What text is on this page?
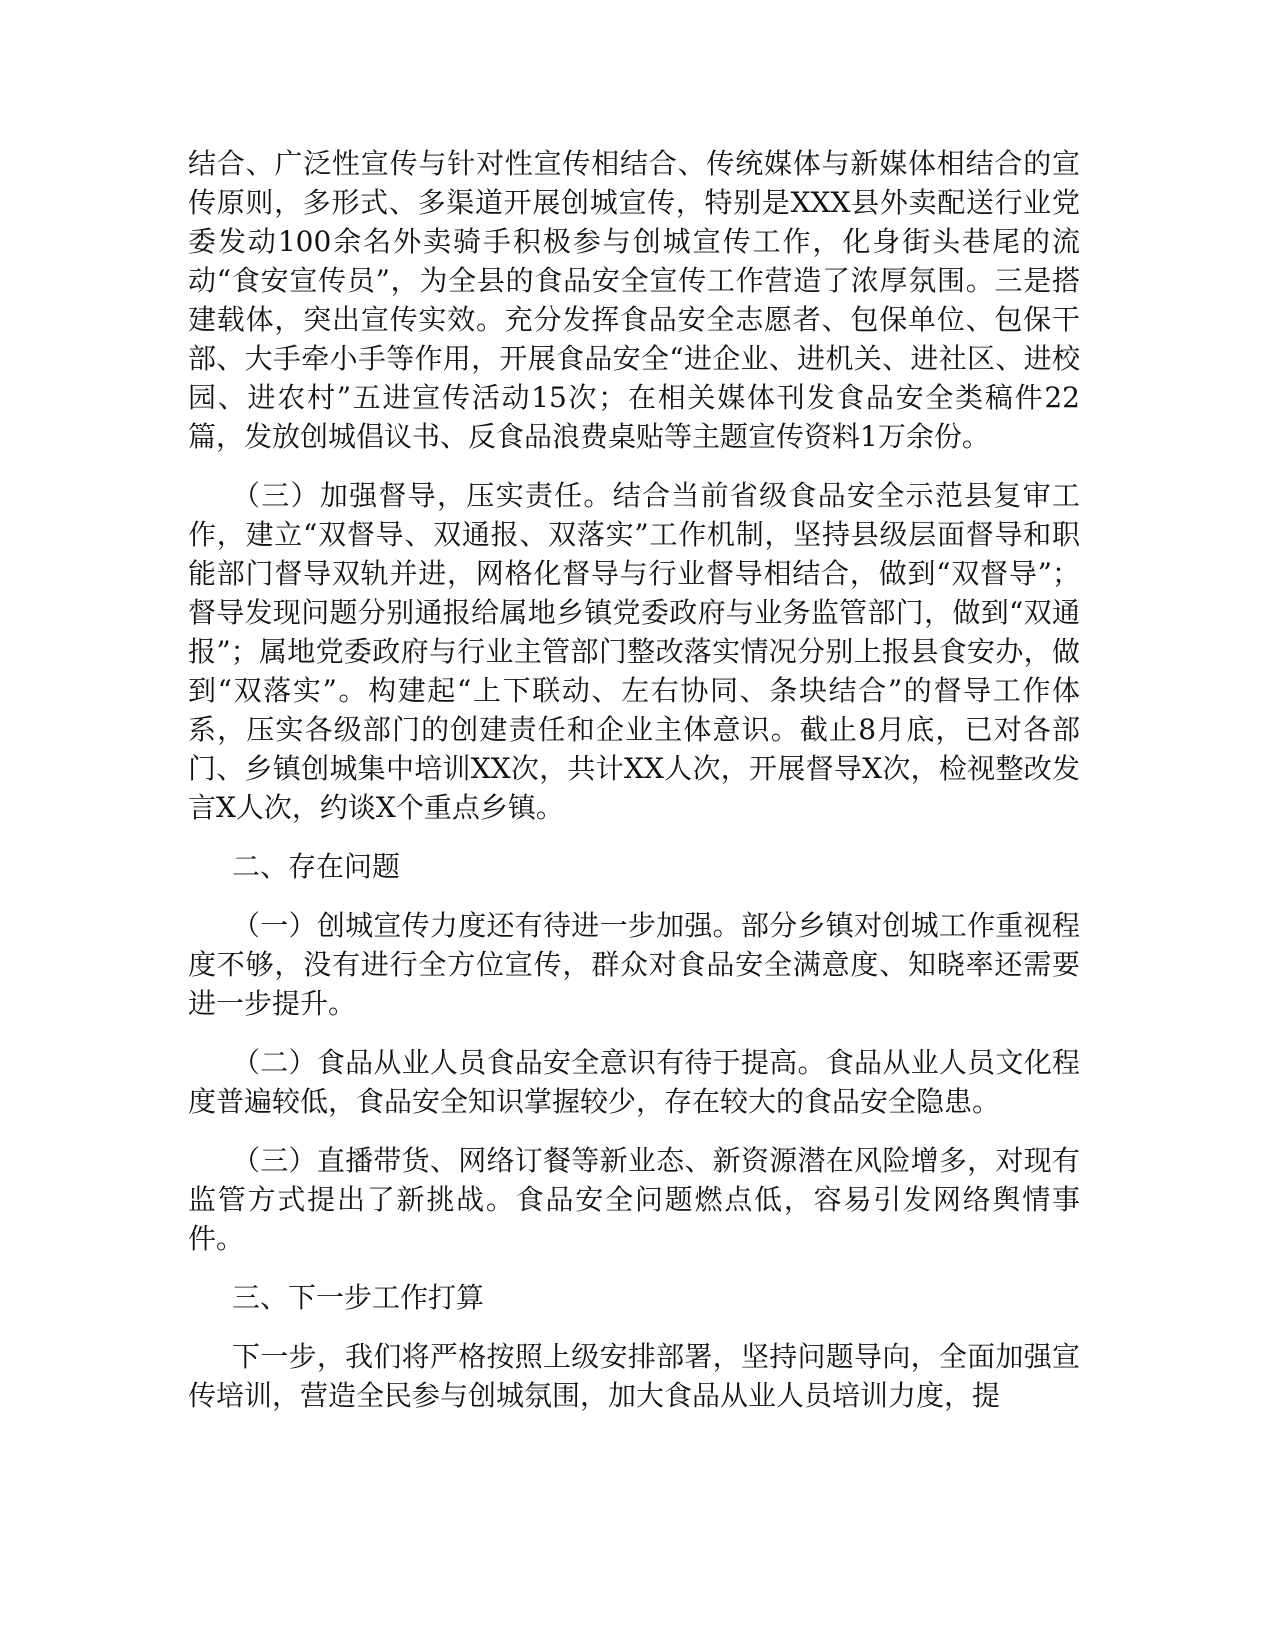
结合、广泛性宣传与针对性宣传相结合、传统媒体与新媒体相结合的宣传原则，多形式、多渠道开展创城宣传，特别是XXX县外卖配送行业党委发动100余名外卖骑手积极参与创城宣传工作，化身街头巷尾的流动“食安宣传员”，为全县的食品安全宣传工作营造了浓厚氛围。三是搭建载体，突出宣传实效。充分发挥食品安全志愿者、包保单位、包保干部、大手牵小手等作用，开展食品安全“进企业、进机关、进社区、进校园、进农村”五进宣传活动15次；在相关媒体刊发食品安全类稿件22篇，发放创城倡议书、反食品浪费桌贴等主题宣传资料1万余份。

（三）加强督导，压实责任。结合当前省级食品安全示范县复审工作，建立“双督导、双通报、双落实”工作机制，坚持县级层面督导和职能部门督导双轨并进，网格化督导与行业督导相结合，做到“双督导”；督导发现问题分别通报给属地乡镇党委政府与业务监管部门，做到“双通报”；属地党委政府与行业主管部门整改落实情况分别上报县食安办，做到“双落实”。构建起“上下联动、左右协同、条块结合”的督导工作体系，压实各级部门的创建责任和企业主体意识。截止8月底，已对各部门、乡镇创城集中培训XX次，共计XX人次，开展督导X次，检视整改发言X人次，约谈X个重点乡镇。

二、存在问题

（一）创城宣传力度还有待进一步加强。部分乡镇对创城工作重视程度不够，没有进行全方位宣传，群众对食品安全满意度、知晓率还需要进一步提升。

（二）食品从业人员食品安全意识有待于提高。食品从业人员文化程度普遍较低，食品安全知识掌握较少，存在较大的食品安全隐患。

（三）直播带货、网络订餐等新业态、新资源潜在风险增多，对现有监管方式提出了新挑战。食品安全问题燃点低，容易引发网络舆情事件。

三、下一步工作打算

下一步，我们将严格按照上级安排部署，坚持问题导向，全面加强宣传培训，营造全民参与创城氛围，加大食品从业人员培训力度，提
